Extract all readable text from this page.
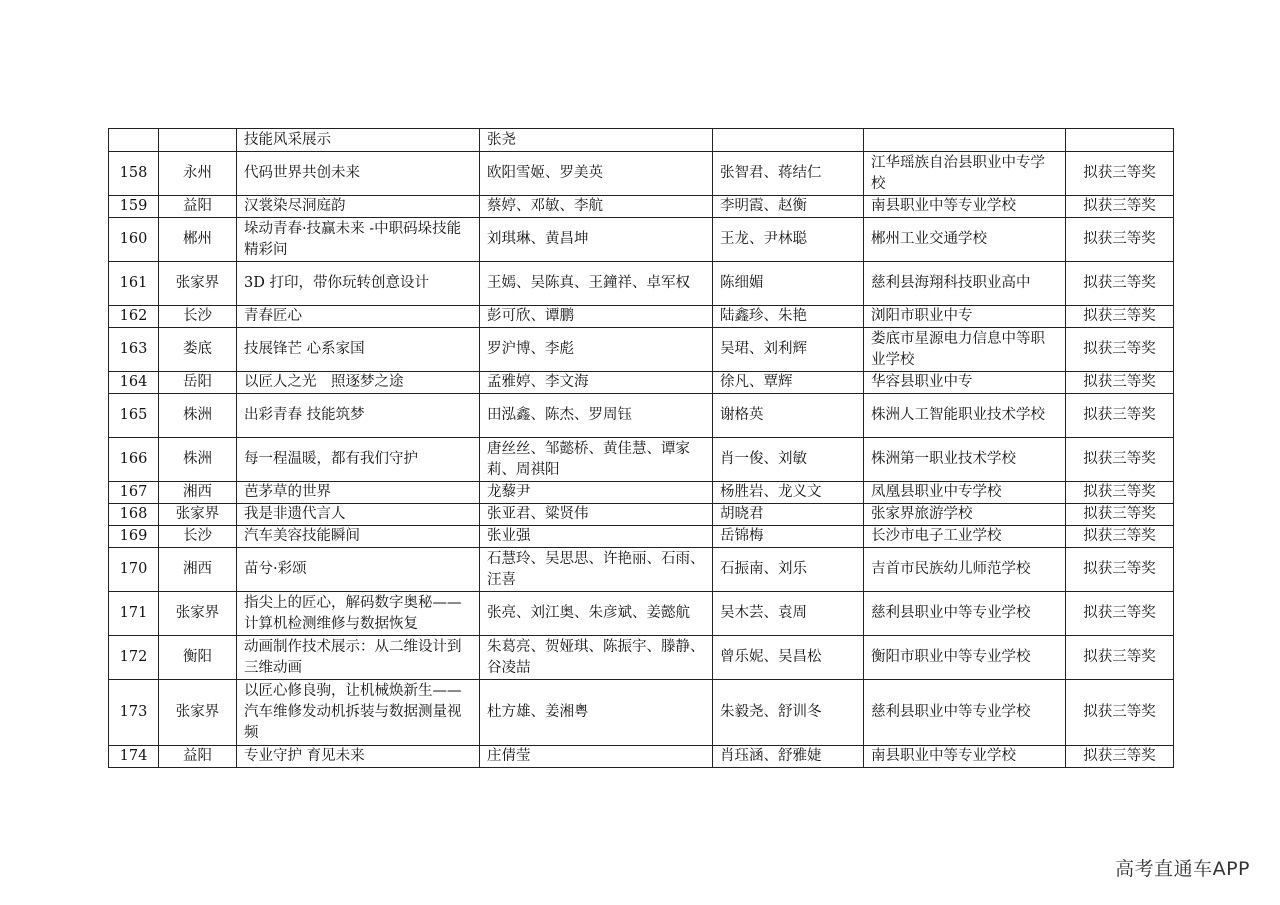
		技能风采展示	张尧			
158	永州	代码世界共创未来	欧阳雪姬、罗美英	张智君、蒋结仁	江华瑶族自治县职业中专学校	拟获三等奖
159	益阳	汉裳染尽洞庭韵	蔡婷、邓敏、李航	李明霞、赵衡	南县职业中等专业学校	拟获三等奖
160	郴州	垛动青春·技赢未来 -中职码垛技能精彩问	刘琪琳、黄昌坤	王龙、尹林聪	郴州工业交通学校	拟获三等奖
161	张家界	3D 打印，带你玩转创意设计	王嫣、吴陈真、王鐘祥、卓军权	陈细媚	慈利县海翔科技职业高中	拟获三等奖
162	长沙	青春匠心	彭可欣、谭鹏	陆鑫珍、朱艳	浏阳市职业中专	拟获三等奖
163	娄底	技展锋芒 心系家国	罗沪博、李彪	吴珺、刘利辉	娄底市星源电力信息中等职业学校	拟获三等奖
164	岳阳	以匠人之光　照逐梦之途	孟雅婷、李文海	徐凡、覃辉	华容县职业中专	拟获三等奖
165	株洲	出彩青春 技能筑梦	田泓鑫、陈杰、罗周钰	谢格英	株洲人工智能职业技术学校	拟获三等奖
166	株洲	每一程温暖，都有我们守护	唐丝丝、邹懿桥、黄佳慧、谭家莉、周祺阳	肖一俊、刘敏	株洲第一职业技术学校	拟获三等奖
167	湘西	芭茅草的世界	龙藜尹	杨胜岩、龙义文	凤凰县职业中专学校	拟获三等奖
168	张家界	我是非遗代言人	张亚君、粱贤伟	胡晓君	张家界旅游学校	拟获三等奖
169	长沙	汽车美容技能瞬间	张业强	岳锦梅	长沙市电子工业学校	拟获三等奖
170	湘西	苗兮·彩颂	石慧玲、吴思思、许艳丽、石雨、汪喜	石振南、刘乐	吉首市民族幼儿师范学校	拟获三等奖
171	张家界	指尖上的匠心，解码数字奥秘——计算机检测维修与数据恢复	张亮、刘江奥、朱彦斌、姜懿航	吴木芸、袁周	慈利县职业中等专业学校	拟获三等奖
172	衡阳	动画制作技术展示：从二维设计到三维动画	朱葛亮、贺娅琪、陈振宇、滕静、谷凌喆	曾乐妮、吴昌松	衡阳市职业中等专业学校	拟获三等奖
173	张家界	以匠心修良驹，让机械焕新生——汽车维修发动机拆装与数据测量视频	杜方雄、姜湘粤	朱毅尧、舒训冬	慈利县职业中等专业学校	拟获三等奖
174	益阳	专业守护 育见未来	庄倩莹	肖珏涵、舒雅婕	南县职业中等专业学校	拟获三等奖
高考直通车APP
